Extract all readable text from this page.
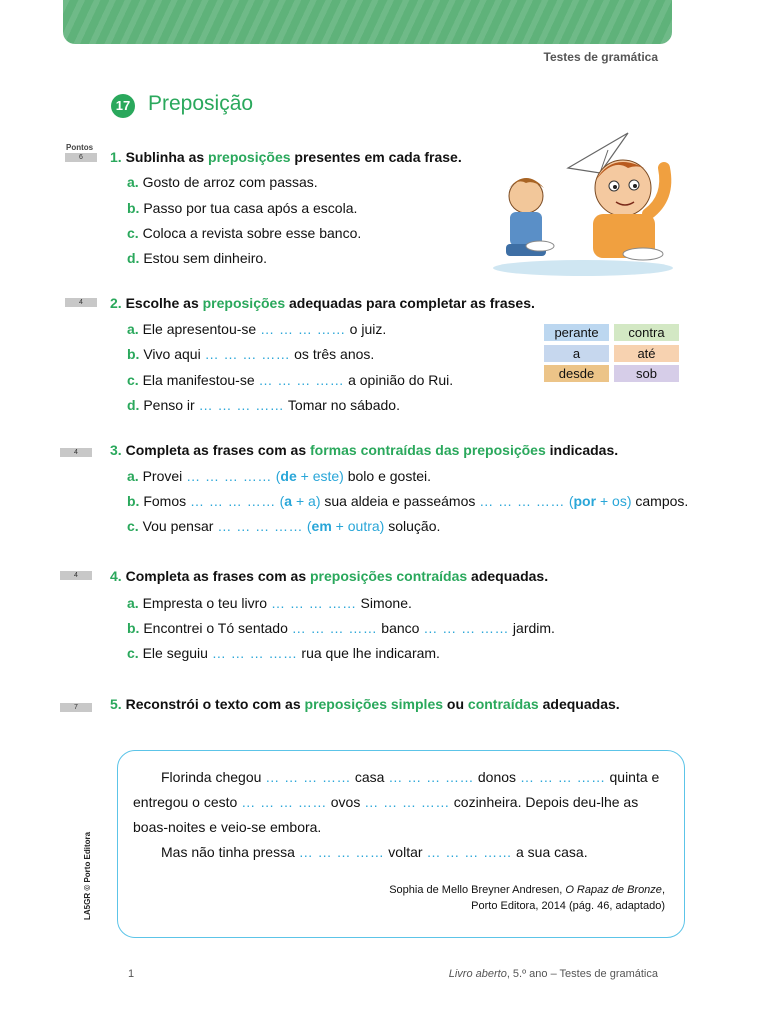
Testes de gramática
17 Preposição
Pontos
6	1. Sublinha as preposições presentes em cada frase.
a. Gosto de arroz com passas.
b. Passo por tua casa após a escola.
c. Coloca a revista sobre esse banco.
d. Estou sem dinheiro.
4	2. Escolhe as preposições adequadas para completar as frases.
a. Ele apresentou-se … … … …… o juiz.
b. Vivo aqui … … … …… os três anos.
c. Ela manifestou-se … … … …… a opinião do Rui.
d. Penso ir … … … …… Tomar no sábado.
perante	contra
a	até
desde	sob
4	3. Completa as frases com as formas contraídas das preposições indicadas.
a. Provei … … … …… (de + este) bolo e gostei.
b. Fomos … … … …… (a + a) sua aldeia e passeámos … … … …… (por + os) campos.
c. Vou pensar … … … …… (em + outra) solução.
4	4. Completa as frases com as preposições contraídas adequadas.
a. Empresta o teu livro … … … …… Simone.
b. Encontrei o Tó sentado … … … …… banco … … … …… jardim.
c. Ele seguiu … … … …… rua que lhe indicaram.
7	5. Reconstrói o texto com as preposições simples ou contraídas adequadas.
Florinda chegou … … … …… casa … … … …… donos … … … …… quinta e
entregou o cesto … … … …… ovos … … … …… cozinheira. Depois deu-lhe as
boas-noites e veio-se embora.
Mas não tinha pressa … … … …… voltar … … … …… a sua casa.
Sophia de Mello Breyner Andresen, O Rapaz de Bronze,
Porto Editora, 2014 (pág. 46, adaptado)
LA5GR © Porto Editora
1	Livro aberto, 5.º ano – Testes de gramática
